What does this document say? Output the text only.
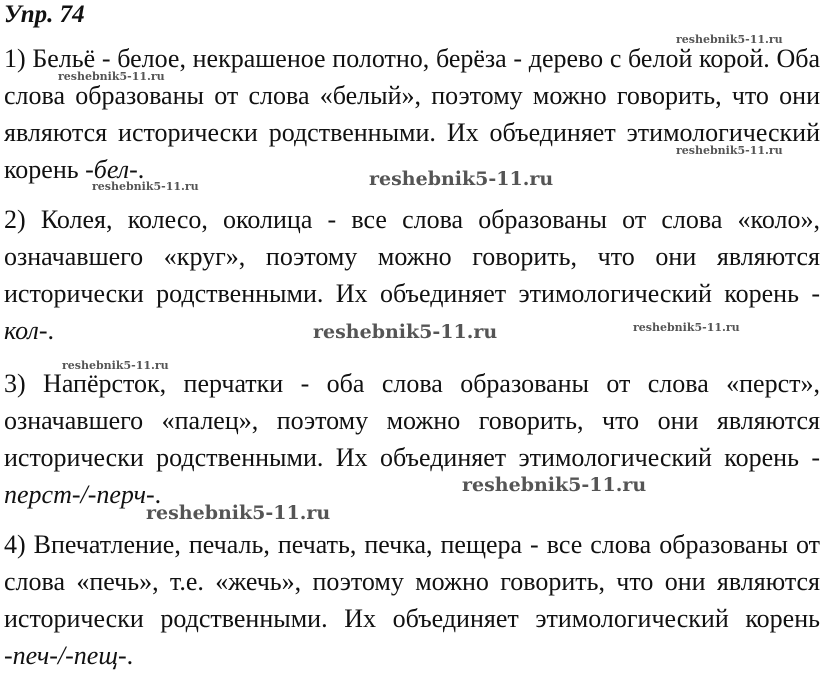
Упр. 74

1) Бельё - белое, некрашеное полотно, берёза - дерево с белой корой. Оба слова образованы от слова «белый», поэтому можно говорить, что они являются исторически родственными. Их объединяет этимологический корень -бел-.

2) Колея, колесо, околица - все слова образованы от слова «коло», означавшего «круг», поэтому можно говорить, что они являются исторически родственными. Их объединяет этимологический корень - кол-.

3) Напёрсток, перчатки - оба слова образованы от слова «перст», означавшего «палец», поэтому можно говорить, что они являются исторически родственными. Их объединяет этимологический корень - перст-/-перч-.

4) Впечатление, печаль, печать, печка, пещера - все слова образованы от слова «печь», т.е. «жечь», поэтому можно говорить, что они являются исторически родственными. Их объединяет этимологический корень -печ-/-пещ-.

reshebnik5-11.ru
reshebnik5-11.ru
reshebnik5-11.ru
reshebnik5-11.ru	reshebnik5-11.ru
reshebnik5-11.ru	reshebnik5-11.ru
reshebnik5-11.ru
reshebnik5-11.ru
reshebnik5-11.ru
